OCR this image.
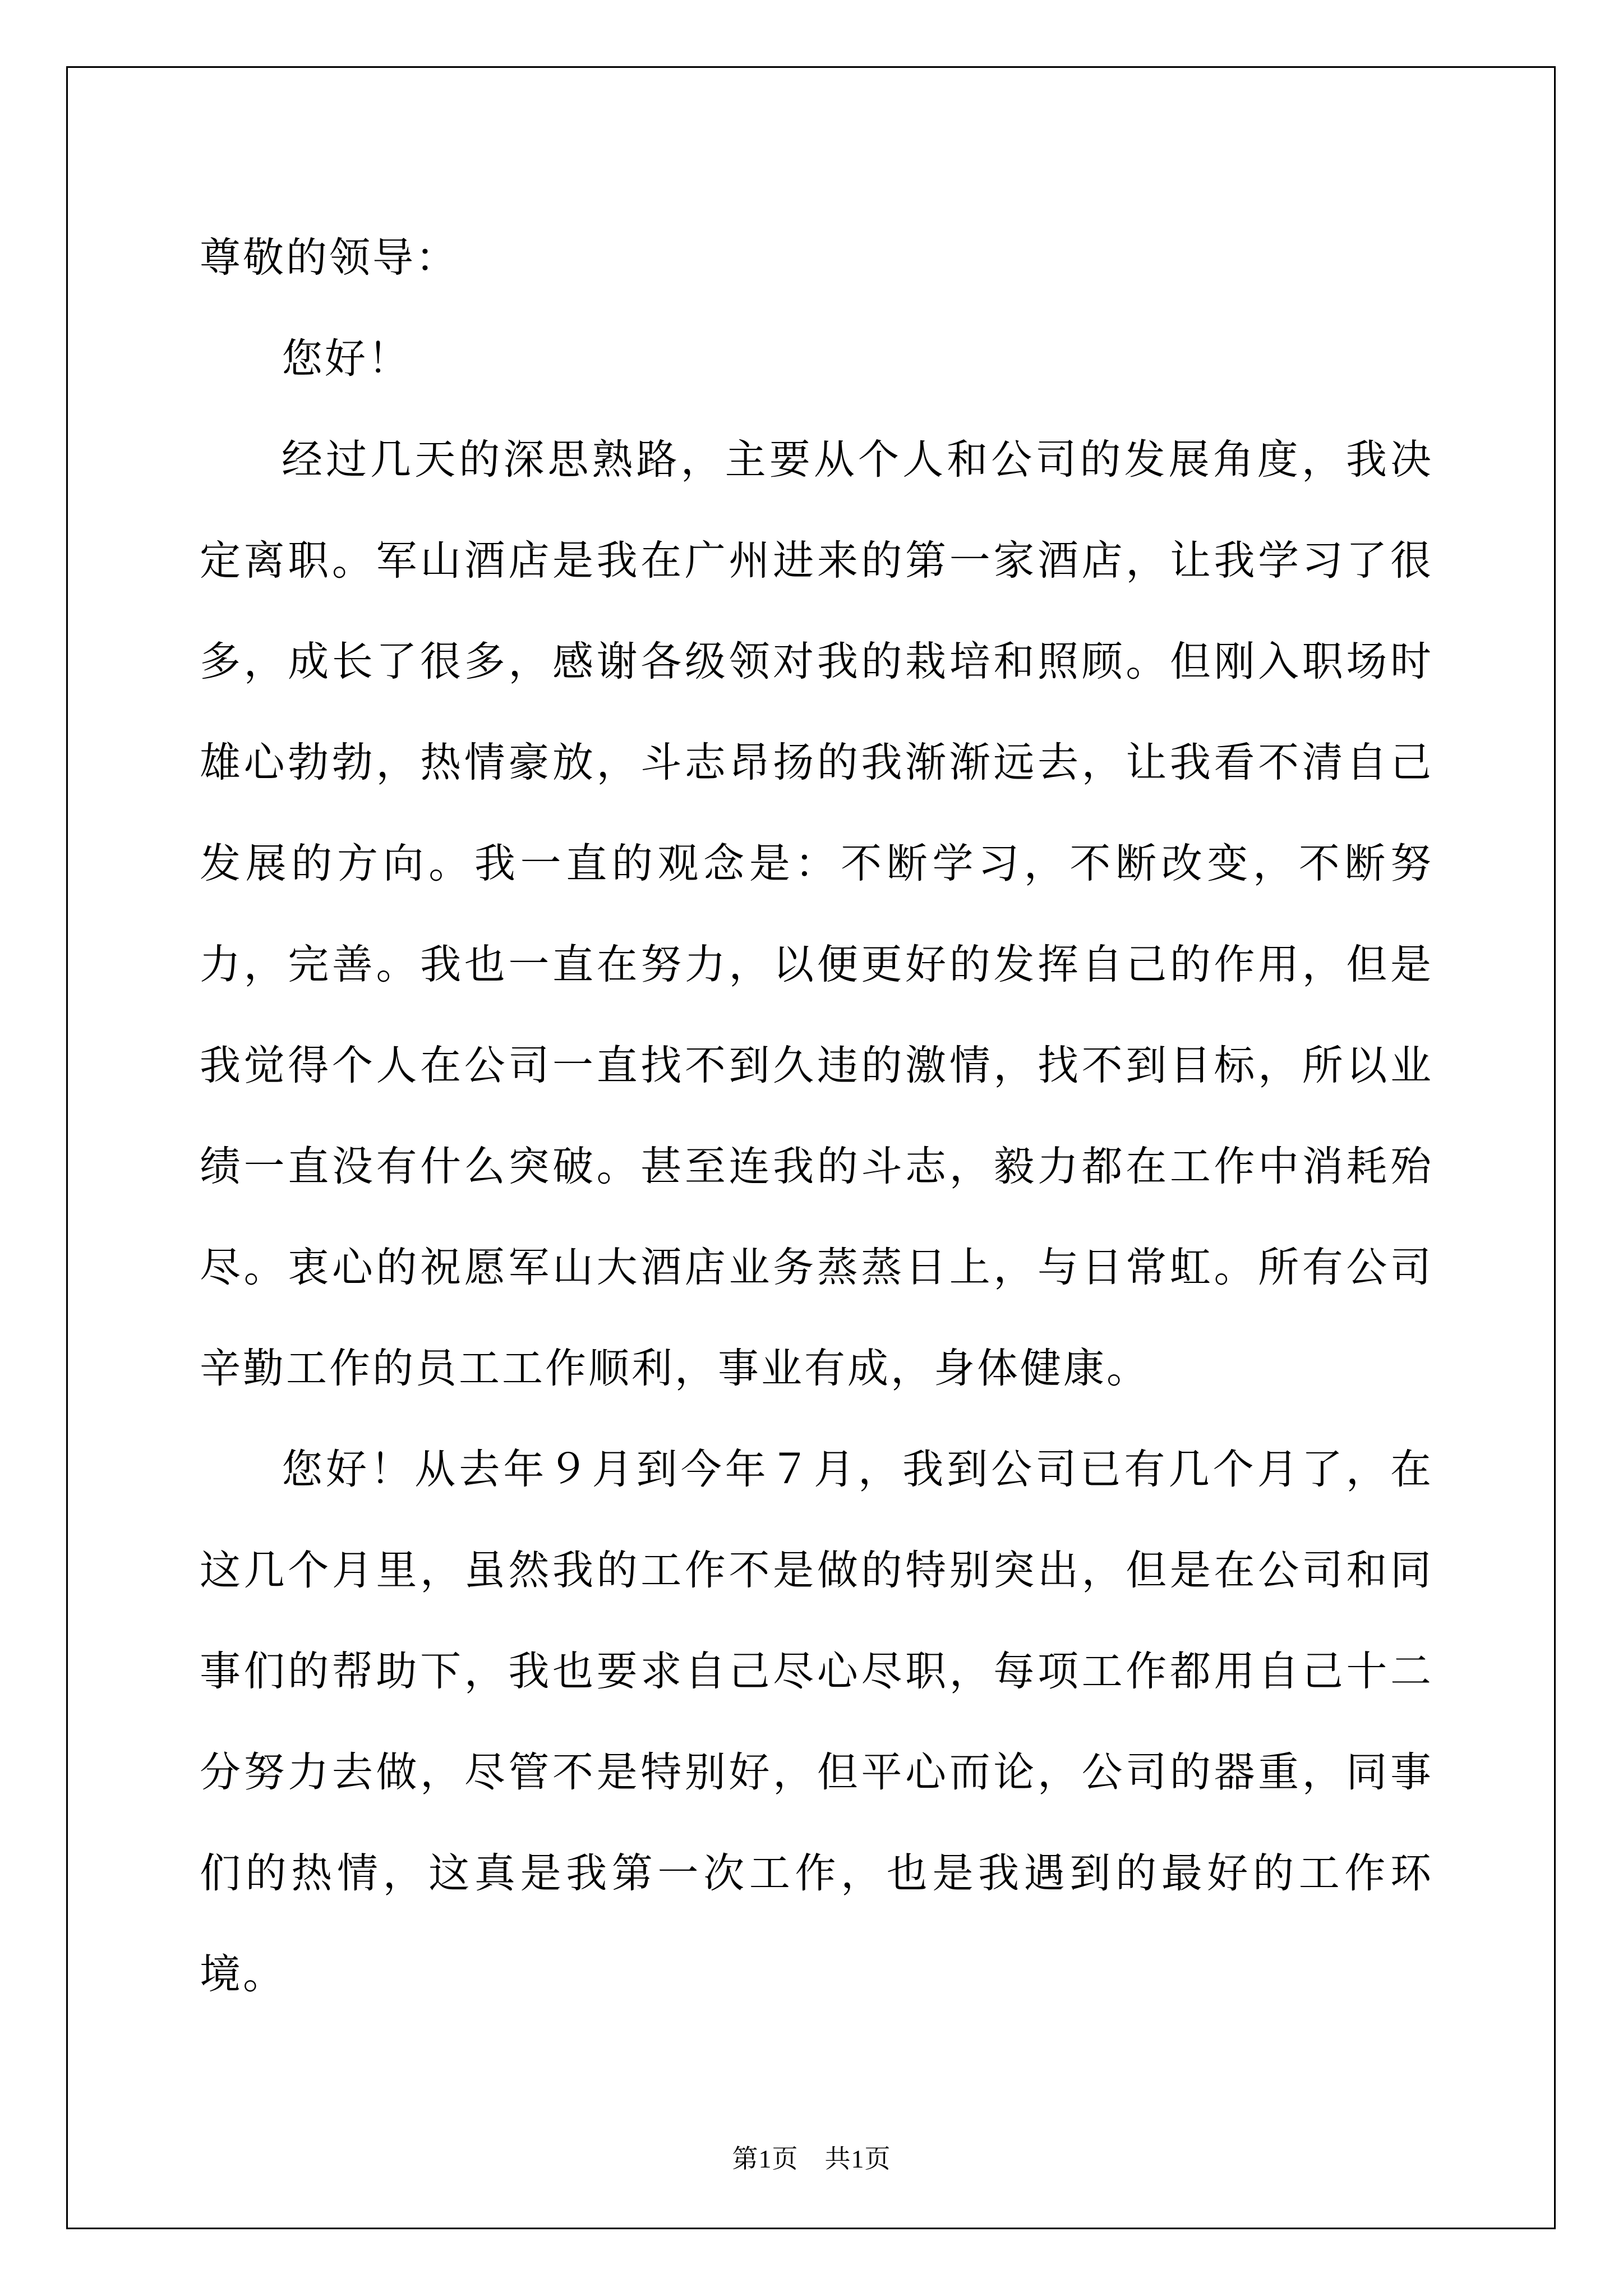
尊敬的领导：

您好！

经过几天的深思熟路，主要从个人和公司的发展角度，我决定离职。军山酒店是我在广州进来的第一家酒店，让我学习了很多，成长了很多，感谢各级领对我的栽培和照顾。但刚入职场时雄心勃勃，热情豪放，斗志昂扬的我渐渐远去，让我看不清自己发展的方向。我一直的观念是：不断学习，不断改变，不断努力，完善。我也一直在努力，以便更好的发挥自己的作用，但是我觉得个人在公司一直找不到久违的激情，找不到目标，所以业绩一直没有什么突破。甚至连我的斗志，毅力都在工作中消耗殆尽。衷心的祝愿军山大酒店业务蒸蒸日上，与日常虹。所有公司辛勤工作的员工工作顺利，事业有成，身体健康。

您好！从去年９月到今年７月，我到公司已有几个月了，在这几个月里，虽然我的工作不是做的特别突出，但是在公司和同事们的帮助下，我也要求自己尽心尽职，每项工作都用自己十二分努力去做，尽管不是特别好，但平心而论，公司的器重，同事们的热情，这真是我第一次工作，也是我遇到的最好的工作环境。

第1页　共1页
